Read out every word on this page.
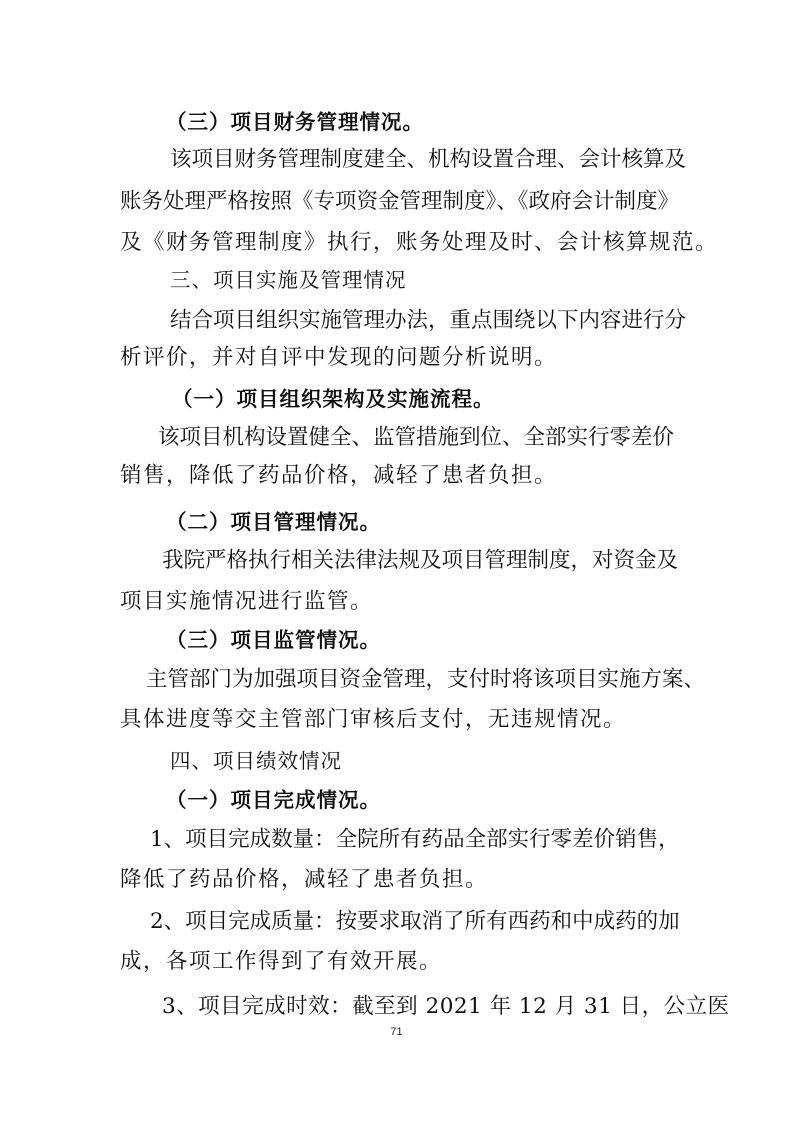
（三）项目财务管理情况。
该项目财务管理制度建全、机构设置合理、会计核算及
账务处理严格按照《专项资金管理制度》、《政府会计制度》
及《财务管理制度》执行，账务处理及时、会计核算规范。
三、项目实施及管理情况
结合项目组织实施管理办法，重点围绕以下内容进行分
析评价，并对自评中发现的问题分析说明。
（一）项目组织架构及实施流程。
该项目机构设置健全、监管措施到位、全部实行零差价
销售，降低了药品价格，减轻了患者负担。
（二）项目管理情况。
我院严格执行相关法律法规及项目管理制度，对资金及
项目实施情况进行监管。
（三）项目监管情况。
主管部门为加强项目资金管理，支付时将该项目实施方案、
具体进度等交主管部门审核后支付，无违规情况。
四、项目绩效情况
（一）项目完成情况。
1、项目完成数量：全院所有药品全部实行零差价销售，
降低了药品价格，减轻了患者负担。
2、项目完成质量：按要求取消了所有西药和中成药的加
成，各项工作得到了有效开展。
3、项目完成时效：截至到 2021 年 12 月 31 日，公立医
71
